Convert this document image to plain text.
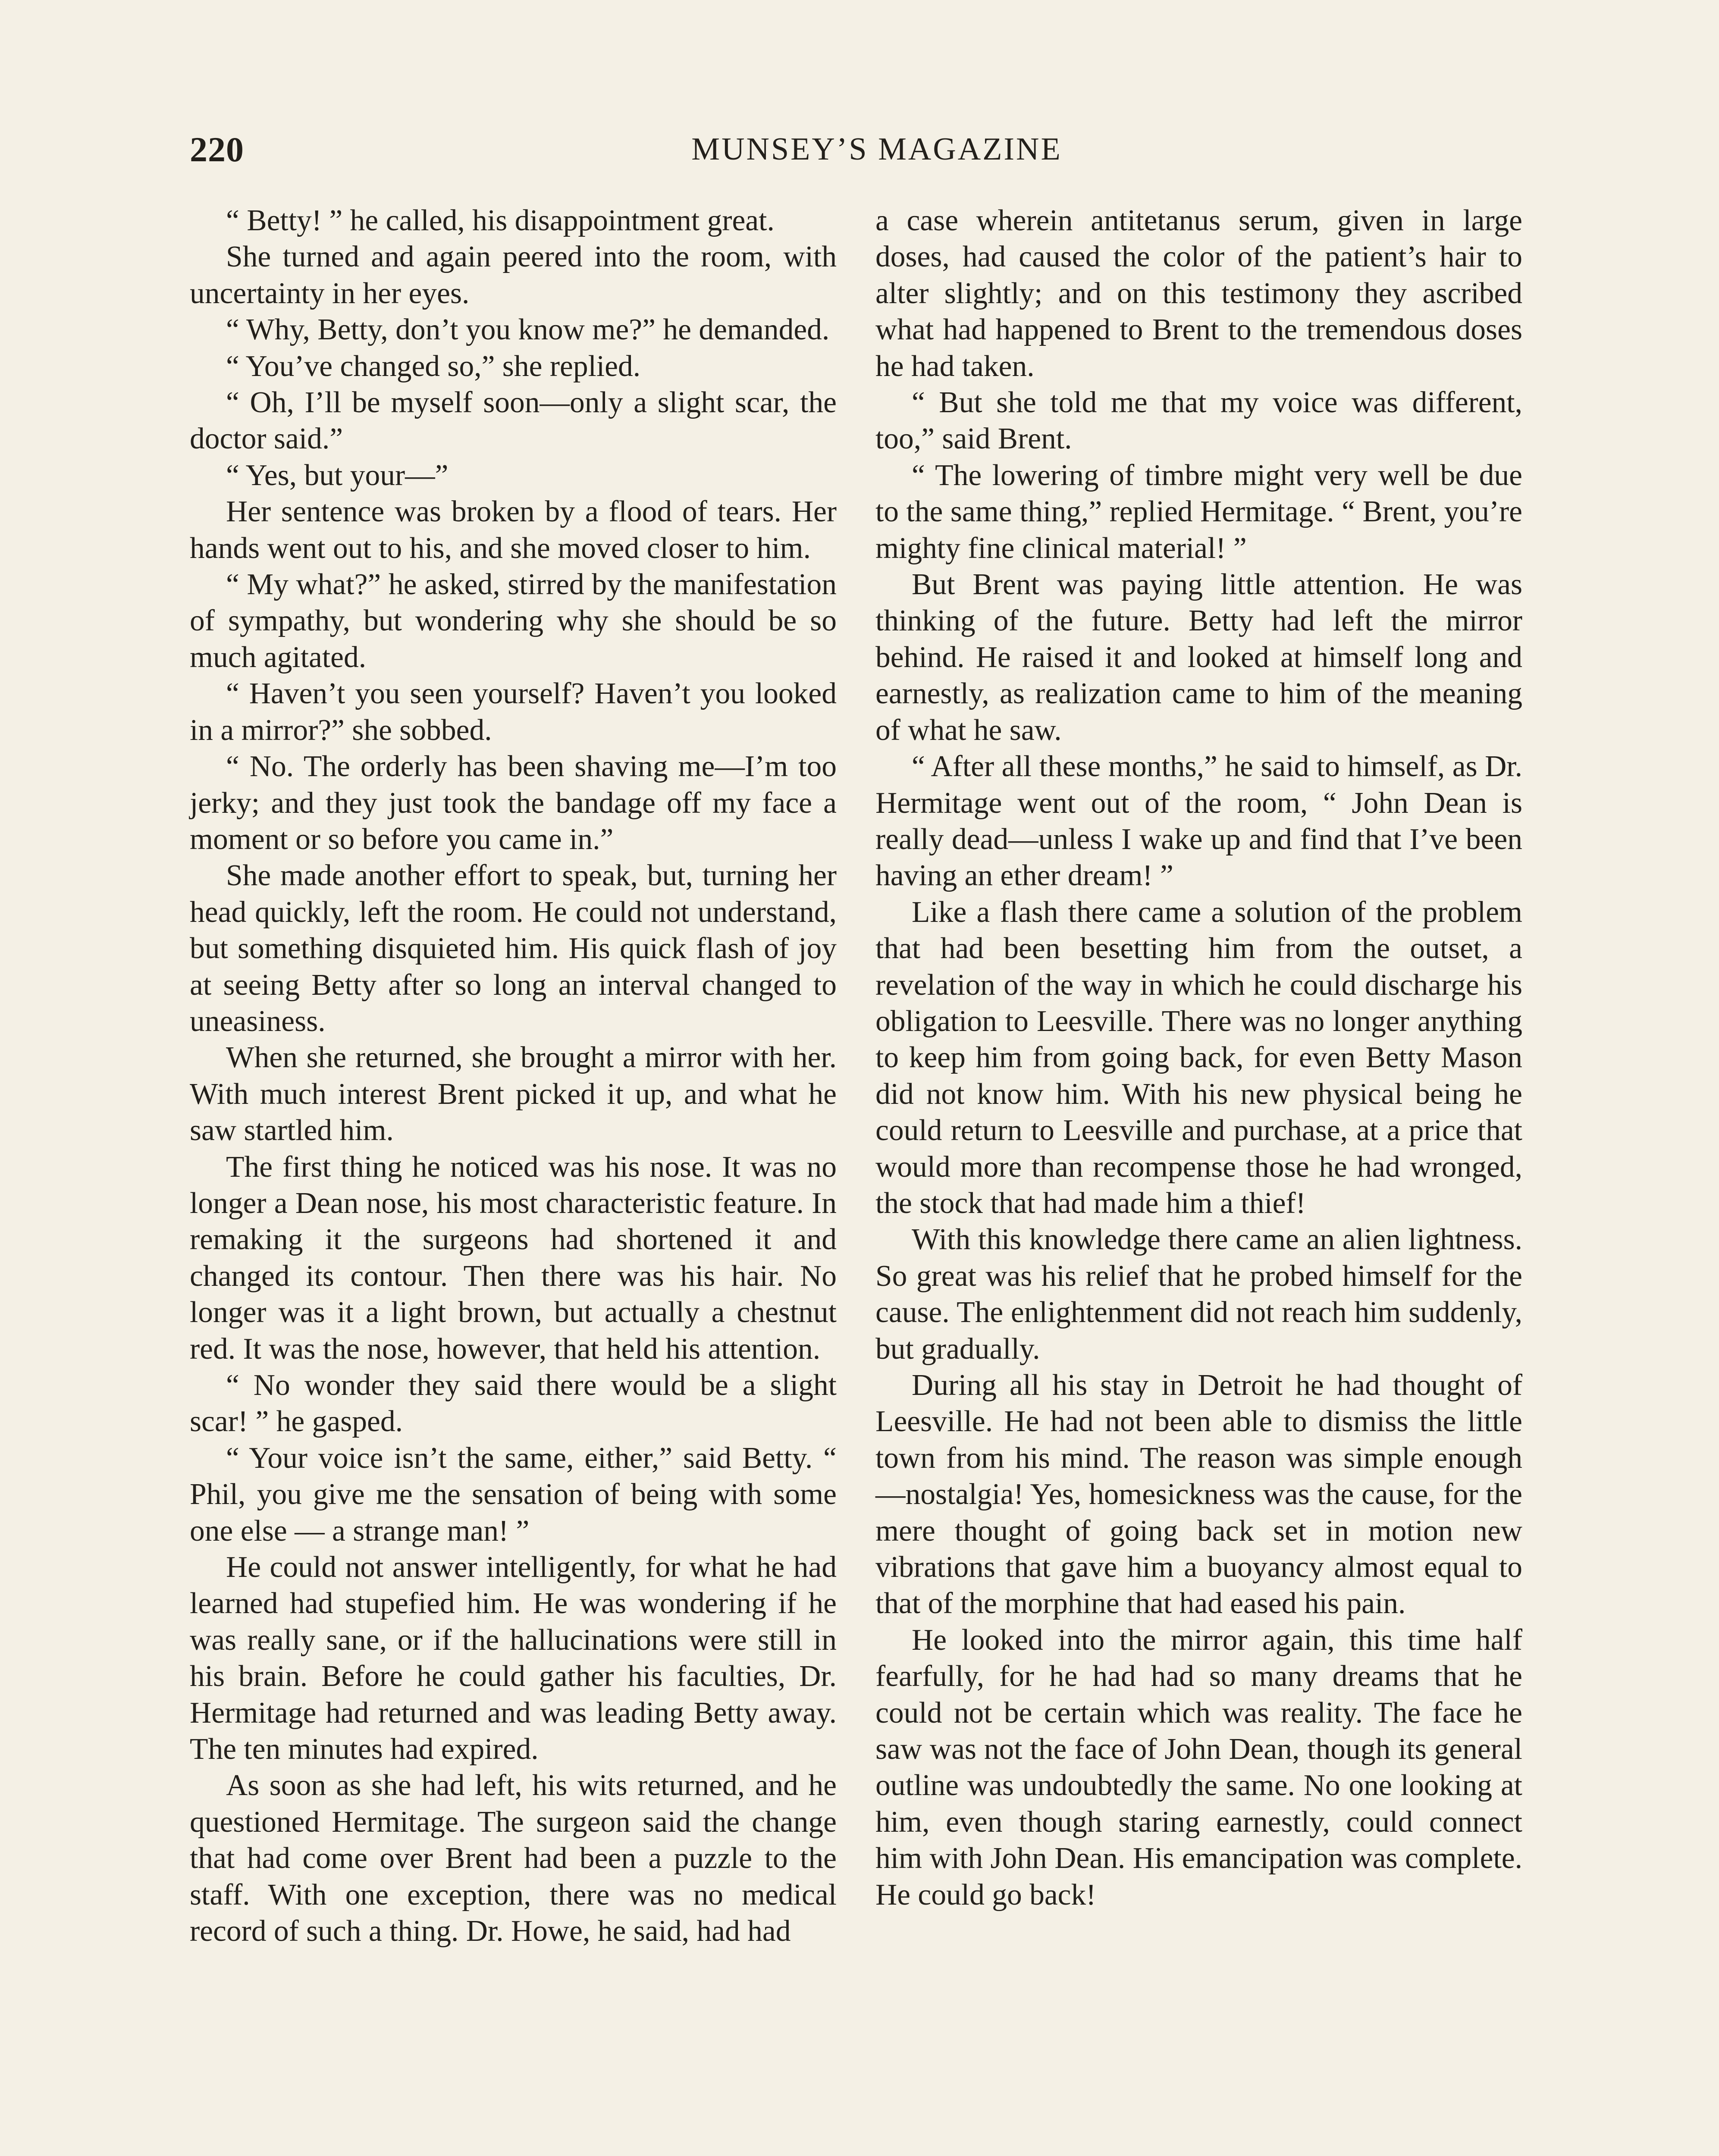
220	MUNSEY’S MAGAZINE

“ Betty! ” he called, his disappointment great.

She turned and again peered into the room, with uncertainty in her eyes.

“ Why, Betty, don’t you know me?” he demanded.

“ You’ve changed so,” she replied.

“ Oh, I’ll be myself soon—only a slight scar, the doctor said.”

“ Yes, but your—”

Her sentence was broken by a flood of tears. Her hands went out to his, and she moved closer to him.

“ My what?” he asked, stirred by the manifestation of sympathy, but wondering why she should be so much agitated.

“ Haven’t you seen yourself? Haven’t you looked in a mirror?” she sobbed.

“ No. The orderly has been shaving me—I’m too jerky; and they just took the bandage off my face a moment or so before you came in.”

She made another effort to speak, but, turning her head quickly, left the room. He could not understand, but something disquieted him. His quick flash of joy at seeing Betty after so long an interval changed to uneasiness.

When she returned, she brought a mirror with her. With much interest Brent picked it up, and what he saw startled him.

The first thing he noticed was his nose. It was no longer a Dean nose, his most characteristic feature. In remaking it the surgeons had shortened it and changed its contour. Then there was his hair. No longer was it a light brown, but actually a chestnut red. It was the nose, however, that held his attention.

“ No wonder they said there would be a slight scar! ” he gasped.

“ Your voice isn’t the same, either,” said Betty. “ Phil, you give me the sensation of being with some one else — a strange man! ”

He could not answer intelligently, for what he had learned had stupefied him. He was wondering if he was really sane, or if the hallucinations were still in his brain. Before he could gather his faculties, Dr. Hermitage had returned and was leading Betty away. The ten minutes had expired.

As soon as she had left, his wits returned, and he questioned Hermitage. The surgeon said the change that had come over Brent had been a puzzle to the staff. With one exception, there was no medical record of such a thing. Dr. Howe, he said, had had

a case wherein antitetanus serum, given in large doses, had caused the color of the patient’s hair to alter slightly; and on this testimony they ascribed what had happened to Brent to the tremendous doses he had taken.

“ But she told me that my voice was different, too,” said Brent.

“ The lowering of timbre might very well be due to the same thing,” replied Hermitage. “ Brent, you’re mighty fine clinical material! ”

But Brent was paying little attention. He was thinking of the future. Betty had left the mirror behind. He raised it and looked at himself long and earnestly, as realization came to him of the meaning of what he saw.

“ After all these months,” he said to himself, as Dr. Hermitage went out of the room, “ John Dean is really dead—unless I wake up and find that I’ve been having an ether dream! ”

Like a flash there came a solution of the problem that had been besetting him from the outset, a revelation of the way in which he could discharge his obligation to Leesville. There was no longer anything to keep him from going back, for even Betty Mason did not know him. With his new physical being he could return to Leesville and purchase, at a price that would more than recompense those he had wronged, the stock that had made him a thief!

With this knowledge there came an alien lightness. So great was his relief that he probed himself for the cause. The enlightenment did not reach him suddenly, but gradually.

During all his stay in Detroit he had thought of Leesville. He had not been able to dismiss the little town from his mind. The reason was simple enough—nostalgia! Yes, homesickness was the cause, for the mere thought of going back set in motion new vibrations that gave him a buoyancy almost equal to that of the morphine that had eased his pain.

He looked into the mirror again, this time half fearfully, for he had had so many dreams that he could not be certain which was reality. The face he saw was not the face of John Dean, though its general outline was undoubtedly the same. No one looking at him, even though staring earnestly, could connect him with John Dean. His emancipation was complete. He could go back!
